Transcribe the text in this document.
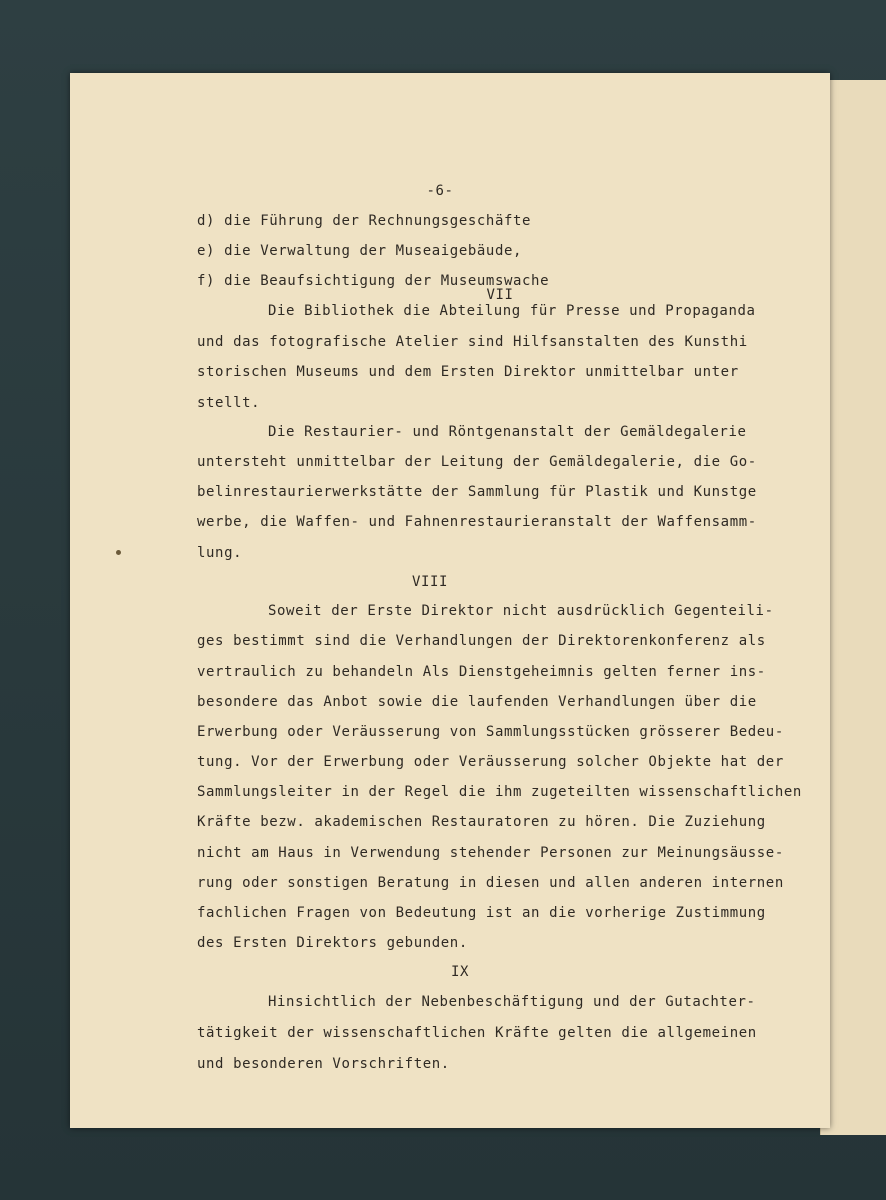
-6-
d) die Führung der Rechnungsgeschäfte
e) die Verwaltung der Museaigebäude,
f) die Beaufsichtigung der Museumswache
VII
Die Bibliothek die Abteilung für Presse und Propaganda
und das fotografische Atelier sind Hilfsanstalten des Kunsthi
storischen Museums und dem Ersten Direktor unmittelbar unter
stellt.
Die Restaurier- und Röntgenanstalt der Gemäldegalerie
untersteht unmittelbar der Leitung der Gemäldegalerie, die Go-
belinrestaurierwerkstätte der Sammlung für Plastik und Kunstge
werbe, die Waffen- und Fahnenrestaurieranstalt der Waffensamm-
lung.
VIII
Soweit der Erste Direktor nicht ausdrücklich Gegenteili-
ges bestimmt sind die Verhandlungen der Direktorenkonferenz als
vertraulich zu behandeln Als Dienstgeheimnis gelten ferner ins-
besondere das Anbot sowie die laufenden Verhandlungen über die
Erwerbung oder Veräusserung von Sammlungsstücken grösserer Bedeu-
tung. Vor der Erwerbung oder Veräusserung solcher Objekte hat der
Sammlungsleiter in der Regel die ihm zugeteilten wissenschaftlichen
Kräfte bezw. akademischen Restauratoren zu hören. Die Zuziehung
nicht am Haus in Verwendung stehender Personen zur Meinungsäusse-
rung oder sonstigen Beratung in diesen und allen anderen internen
fachlichen Fragen von Bedeutung ist an die vorherige Zustimmung
des Ersten Direktors gebunden.
IX
Hinsichtlich der Nebenbeschäftigung und der Gutachter-
tätigkeit der wissenschaftlichen Kräfte gelten die allgemeinen
und besonderen Vorschriften.
